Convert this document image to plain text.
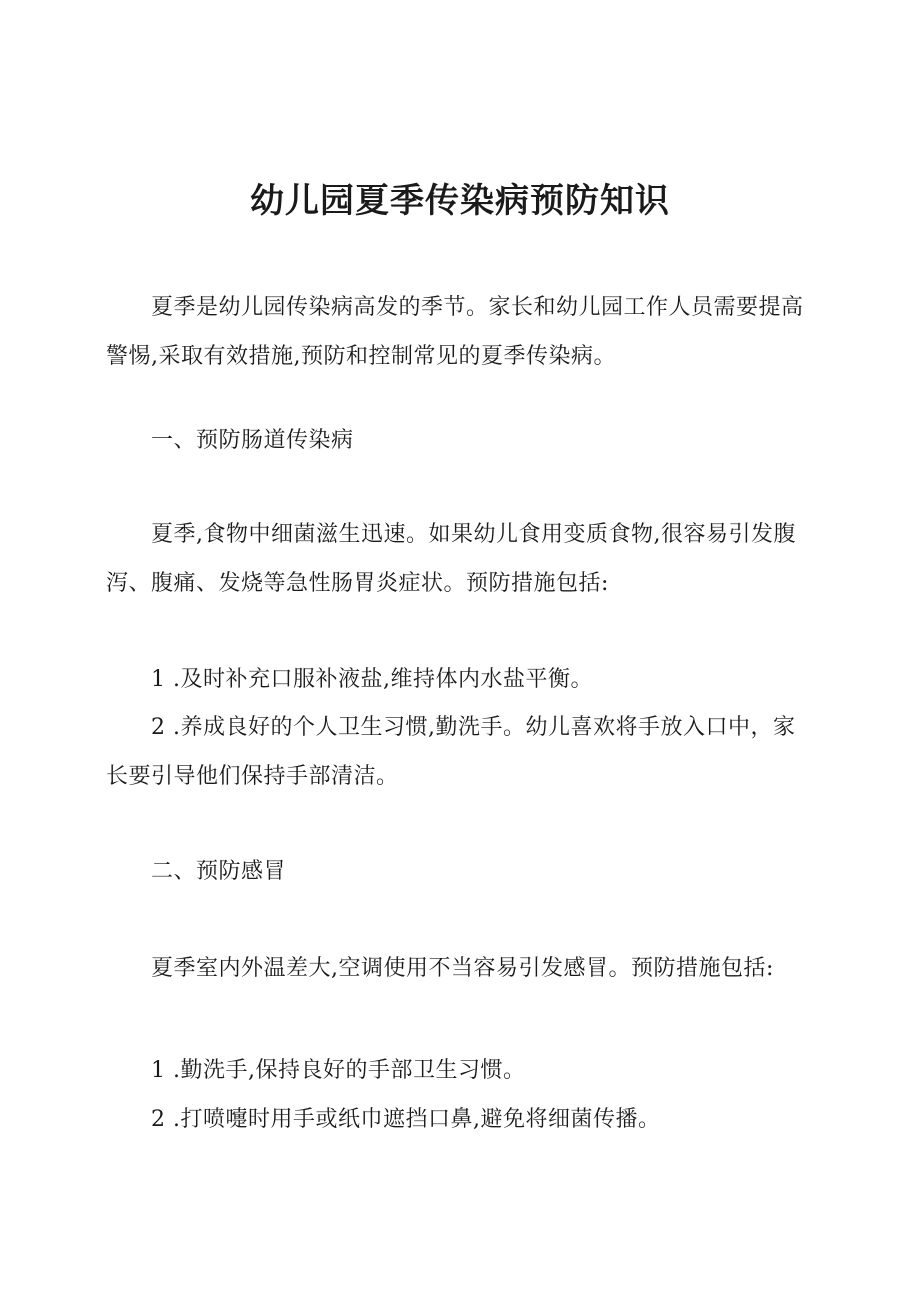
幼儿园夏季传染病预防知识

夏季是幼儿园传染病高发的季节。家长和幼儿园工作人员需要提高警惕,采取有效措施,预防和控制常见的夏季传染病。

一、预防肠道传染病

夏季,食物中细菌滋生迅速。如果幼儿食用变质食物,很容易引发腹泻、腹痛、发烧等急性肠胃炎症状。预防措施包括:

1 .及时补充口服补液盐,维持体内水盐平衡。

2 .养成良好的个人卫生习惯,勤洗手。幼儿喜欢将手放入口中，家长要引导他们保持手部清洁。

二、预防感冒

夏季室内外温差大,空调使用不当容易引发感冒。预防措施包括:

1 .勤洗手,保持良好的手部卫生习惯。

2 .打喷嚏时用手或纸巾遮挡口鼻,避免将细菌传播。
